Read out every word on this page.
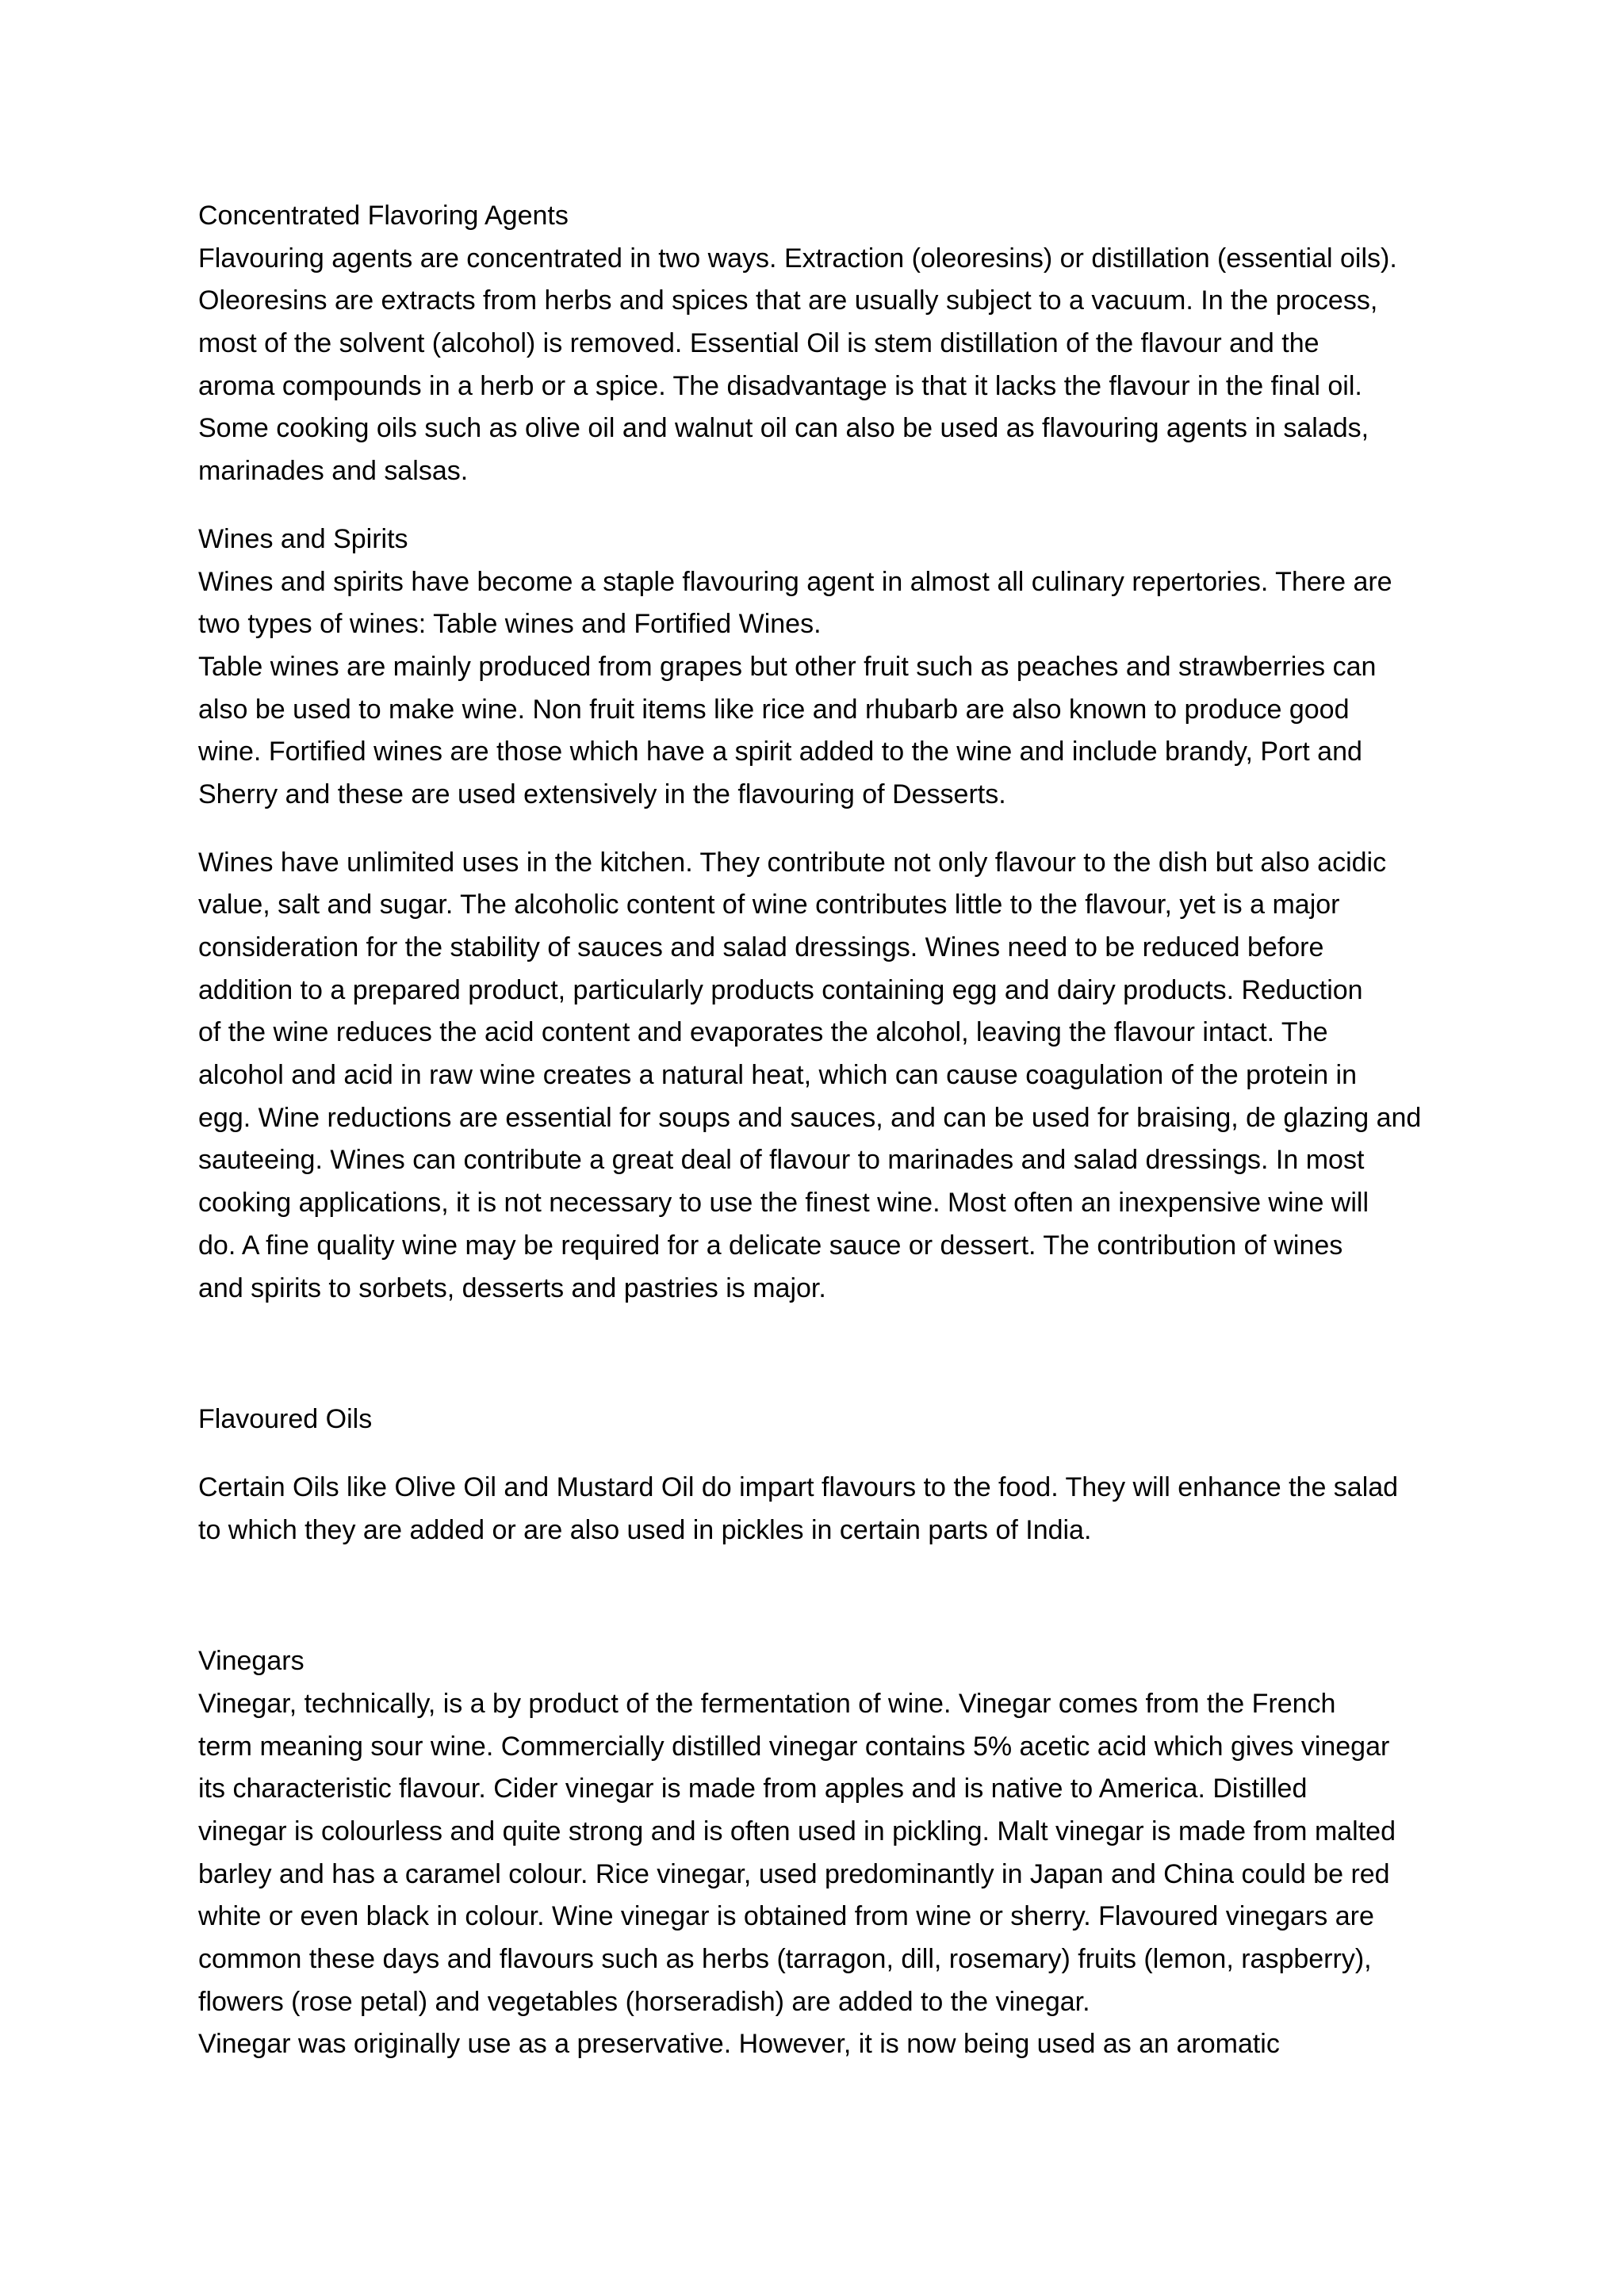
Concentrated Flavoring Agents
Flavouring agents are concentrated in two ways. Extraction (oleoresins) or distillation (essential oils).
Oleoresins are extracts from herbs and spices that are usually subject to a vacuum. In the process,
most of the solvent (alcohol) is removed. Essential Oil is stem distillation of the flavour and the
aroma compounds in a herb or a spice. The disadvantage is that it lacks the flavour in the final oil.
Some cooking oils such as olive oil and walnut oil can also be used as flavouring agents in salads,
marinades and salsas.
Wines and Spirits
Wines and spirits have become a staple flavouring agent in almost all culinary repertories. There are
two types of wines: Table wines and Fortified Wines.
Table wines are mainly produced from grapes but other fruit such as peaches and strawberries can
also be used to make wine. Non fruit items like rice and rhubarb are also known to produce good
wine. Fortified wines are those which have a spirit added to the wine and include brandy, Port and
Sherry and these are used extensively in the flavouring of Desserts.
Wines have unlimited uses in the kitchen. They contribute not only flavour to the dish but also acidic
value, salt and sugar. The alcoholic content of wine contributes little to the flavour, yet is a major
consideration for the stability of sauces and salad dressings. Wines need to be reduced before
addition to a prepared product, particularly products containing egg and dairy products. Reduction
of the wine reduces the acid content and evaporates the alcohol, leaving the flavour intact. The
alcohol and acid in raw wine creates a natural heat, which can cause coagulation of the protein in
egg. Wine reductions are essential for soups and sauces, and can be used for braising, de glazing and
sauteeing. Wines can contribute a great deal of flavour to marinades and salad dressings. In most
cooking applications, it is not necessary to use the finest wine. Most often an inexpensive wine will
do. A fine quality wine may be required for a delicate sauce or dessert. The contribution of wines
and spirits to sorbets, desserts and pastries is major.
Flavoured Oils
Certain Oils like Olive Oil and Mustard Oil do impart flavours to the food. They will enhance the salad
to which they are added or are also used in pickles in certain parts of India.
Vinegars
Vinegar, technically, is a by product of the fermentation of wine. Vinegar comes from the French
term meaning sour wine. Commercially distilled vinegar contains 5% acetic acid which gives vinegar
its characteristic flavour. Cider vinegar is made from apples and is native to America. Distilled
vinegar is colourless and quite strong and is often used in pickling. Malt vinegar is made from malted
barley and has a caramel colour. Rice vinegar, used predominantly in Japan and China could be red
white or even black in colour. Wine vinegar is obtained from wine or sherry. Flavoured vinegars are
common these days and flavours such as herbs (tarragon, dill, rosemary) fruits (lemon, raspberry),
flowers (rose petal) and vegetables (horseradish) are added to the vinegar.
Vinegar was originally use as a preservative. However, it is now being used as an aromatic
